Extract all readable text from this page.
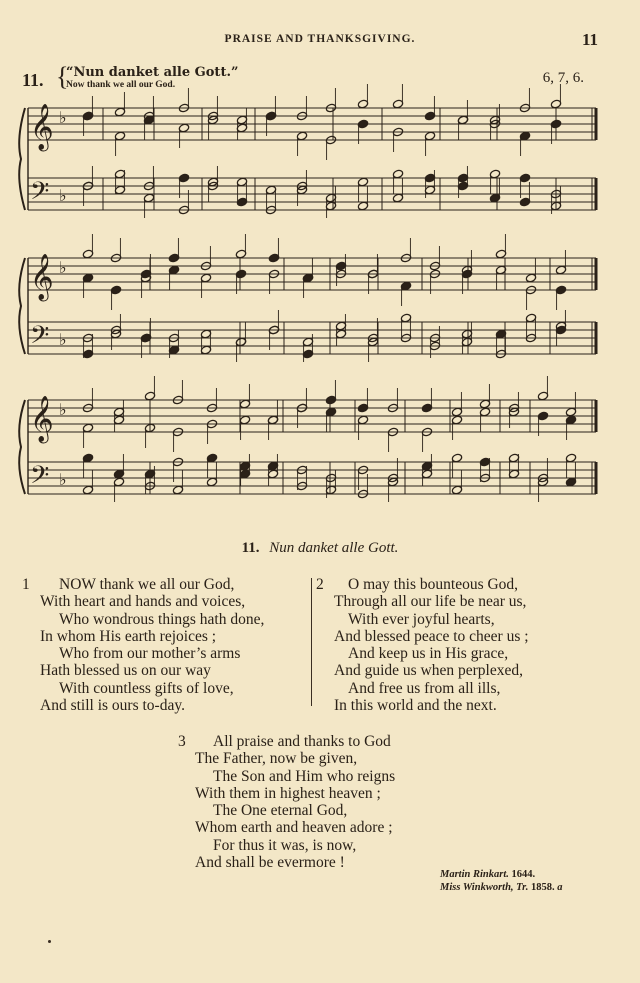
PRAISE AND THANKSGIVING.	11
11. {
“Nun danket alle Gott.”
Now thank we all our God.	6, 7, 6.
𝄞 ♭
𝄢 ♭
𝄞 ♭
𝄢 ♭
𝄞 ♭
𝄢 ♭
11. Nun danket alle Gott.
1 NOW thank we all our God,
With heart and hands and voices,
Who wondrous things hath done,
In whom His earth rejoices ;
Who from our mother’s arms
Hath blessed us on our way
With countless gifts of love,
And still is ours to-day.
2 O may this bounteous God,
Through all our life be near us,
With ever joyful hearts,
And blessed peace to cheer us ;
And keep us in His grace,
And guide us when perplexed,
And free us from all ills,
In this world and the next.
3 All praise and thanks to God
The Father, now be given,
The Son and Him who reigns
With them in highest heaven ;
The One eternal God,
Whom earth and heaven adore ;
For thus it was, is now,
And shall be evermore !
Martin Rinkart. 1644.
Miss Winkworth, Tr. 1858. a
